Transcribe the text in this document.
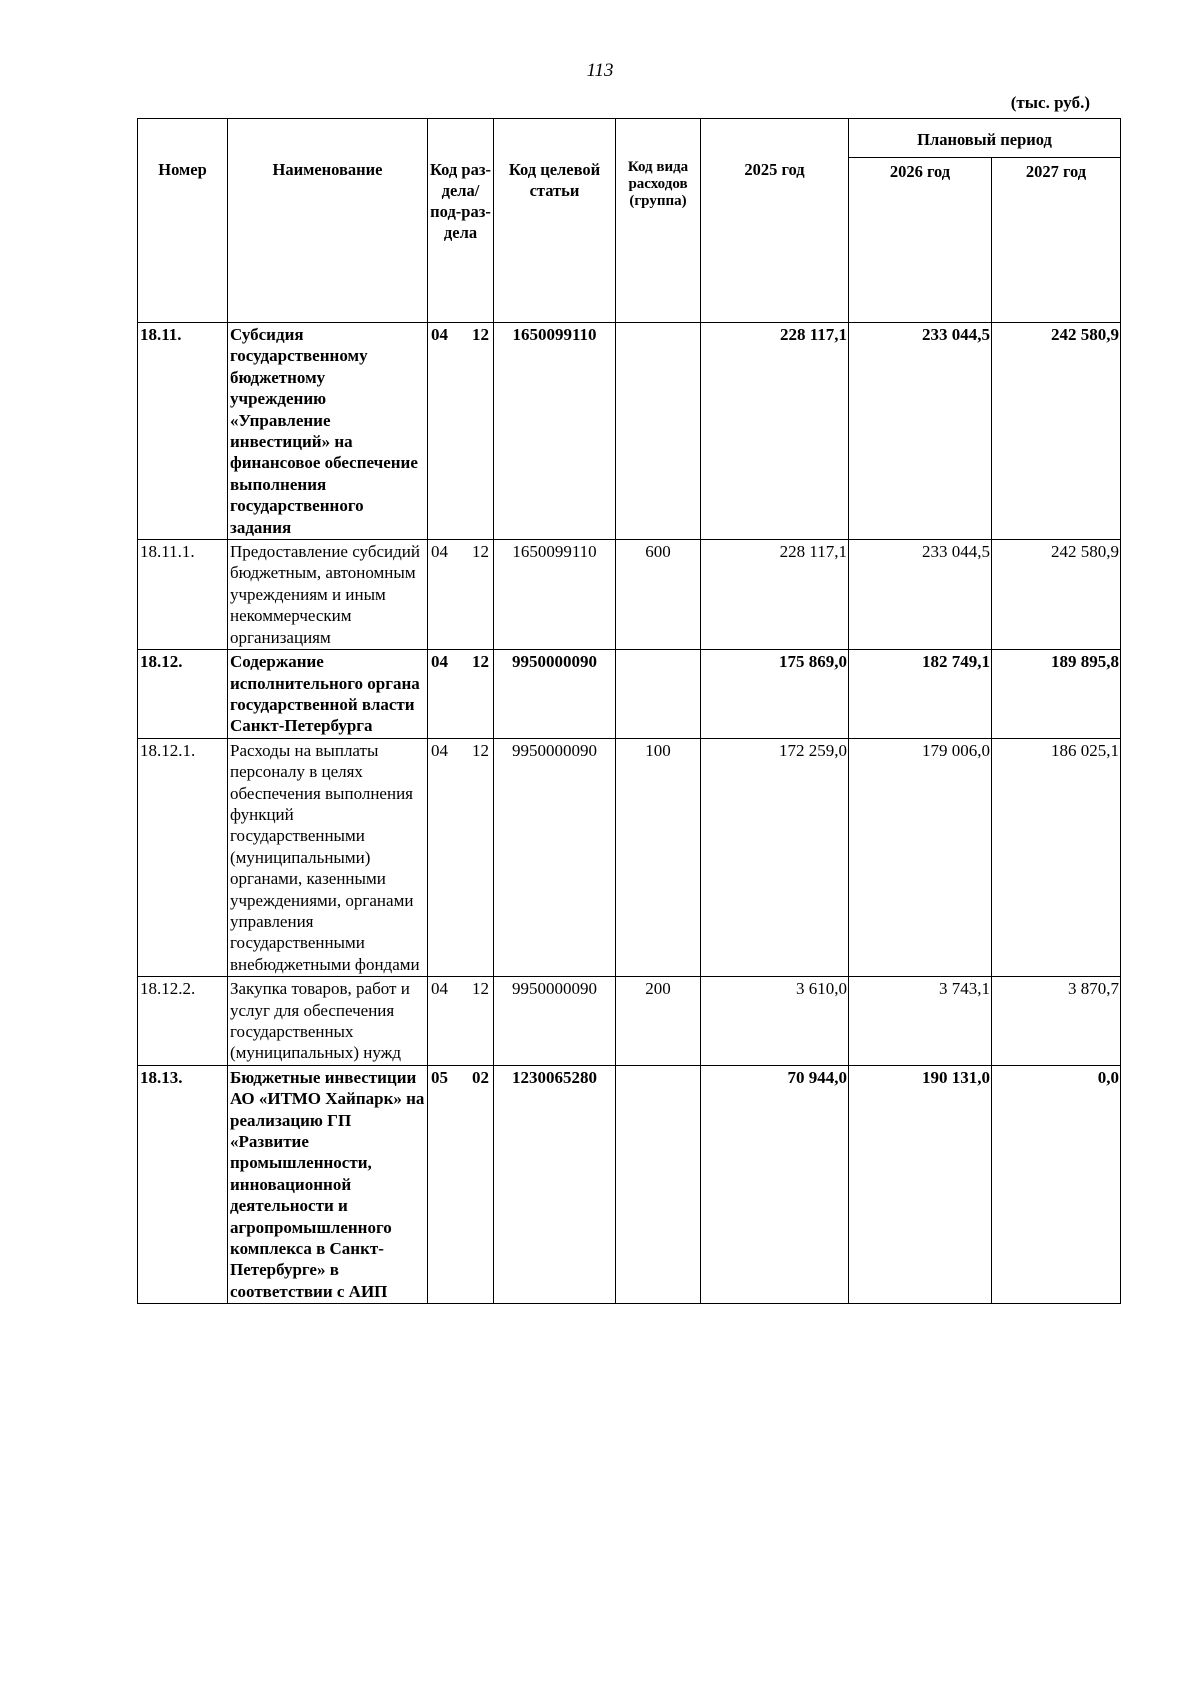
113
(тыс. руб.)
Номер	Наименование	Код раз-дела/ под-раз-дела	Код целевой статьи	Код вида расходов (группа)	2025 год	Плановый период	
						2026 год	2027 год
18.11.	Субсидия государственному бюджетному учреждению «Управление инвестиций» на финансовое обеспечение выполнения государственного задания	04 12	1650099110		228 117,1	233 044,5	242 580,9
18.11.1.	Предоставление субсидий бюджетным, автономным учреждениям и иным некоммерческим организациям	04 12	1650099110	600	228 117,1	233 044,5	242 580,9
18.12.	Содержание исполнительного органа государственной власти Санкт-Петербурга	04 12	9950000090		175 869,0	182 749,1	189 895,8
18.12.1.	Расходы на выплаты персоналу в целях обеспечения выполнения функций государственными (муниципальными) органами, казенными учреждениями, органами управления государственными внебюджетными фондами	04 12	9950000090	100	172 259,0	179 006,0	186 025,1
18.12.2.	Закупка товаров, работ и услуг для обеспечения государственных (муниципальных) нужд	04 12	9950000090	200	3 610,0	3 743,1	3 870,7
18.13.	Бюджетные инвестиции АО «ИТМО Хайпарк» на реализацию ГП «Развитие промышленности, инновационной деятельности и агропромышленного комплекса в Санкт-Петербурге» в соответствии с АИП	05 02	1230065280		70 944,0	190 131,0	0,0
